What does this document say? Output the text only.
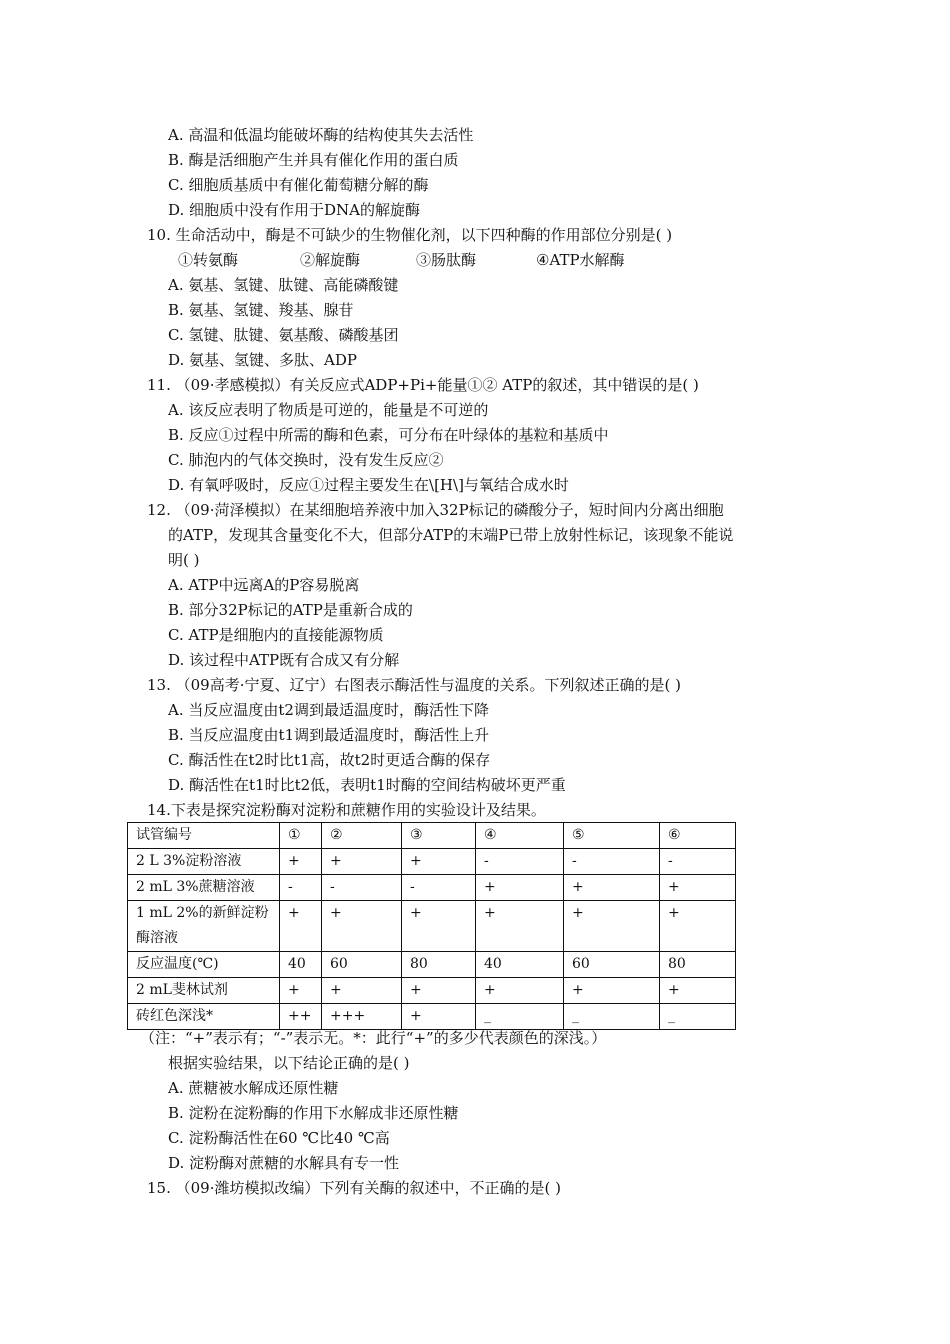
A. 高温和低温均能破坏酶的结构使其失去活性
B. 酶是活细胞产生并具有催化作用的蛋白质
C. 细胞质基质中有催化葡萄糖分解的酶
D. 细胞质中没有作用于DNA的解旋酶
10. 生命活动中，酶是不可缺少的生物催化剂，以下四种酶的作用部位分别是( )
①转氨酶	②解旋酶	③肠肽酶	④ATP水解酶
A. 氨基、氢键、肽键、高能磷酸键
B. 氨基、氢键、羧基、腺苷
C. 氢键、肽键、氨基酸、磷酸基团
D. 氨基、氢键、多肽、ADP
11. （09·孝感模拟）有关反应式ADP+Pi+能量①② ATP的叙述，其中错误的是( )
A. 该反应表明了物质是可逆的，能量是不可逆的
B. 反应①过程中所需的酶和色素，可分布在叶绿体的基粒和基质中
C. 肺泡内的气体交换时，没有发生反应②
D. 有氧呼吸时，反应①过程主要发生在\[H\]与氧结合成水时
12. （09·菏泽模拟）在某细胞培养液中加入32P标记的磷酸分子，短时间内分离出细胞
的ATP，发现其含量变化不大，但部分ATP的末端P已带上放射性标记，该现象不能说
明( )
A. ATP中远离A的P容易脱离
B. 部分32P标记的ATP是重新合成的
C. ATP是细胞内的直接能源物质
D. 该过程中ATP既有合成又有分解
13. （09高考·宁夏、辽宁）右图表示酶活性与温度的关系。下列叙述正确的是( )
A. 当反应温度由t2调到最适温度时，酶活性下降
B. 当反应温度由t1调到最适温度时，酶活性上升
C. 酶活性在t2时比t1高，故t2时更适合酶的保存
D. 酶活性在t1时比t2低，表明t1时酶的空间结构破坏更严重
14.下表是探究淀粉酶对淀粉和蔗糖作用的实验设计及结果。
试管编号	①	②	③	④	⑤	⑥
2 L 3%淀粉溶液	+	+	+	-	-	-
2 mL 3%蔗糖溶液	-	-	-	+	+	+
1 mL 2%的新鲜淀粉酶溶液	+	+	+	+	+	+
反应温度(℃)	40	60	80	40	60	80
2 mL斐林试剂	+	+	+	+	+	+
砖红色深浅*	++	+++	+	_	_	_
（注：“+”表示有；“-”表示无。*：此行“+”的多少代表颜色的深浅。）
根据实验结果，以下结论正确的是( )
A. 蔗糖被水解成还原性糖
B. 淀粉在淀粉酶的作用下水解成非还原性糖
C. 淀粉酶活性在60 ℃比40 ℃高
D. 淀粉酶对蔗糖的水解具有专一性
15. （09·潍坊模拟改编）下列有关酶的叙述中，不正确的是( )
